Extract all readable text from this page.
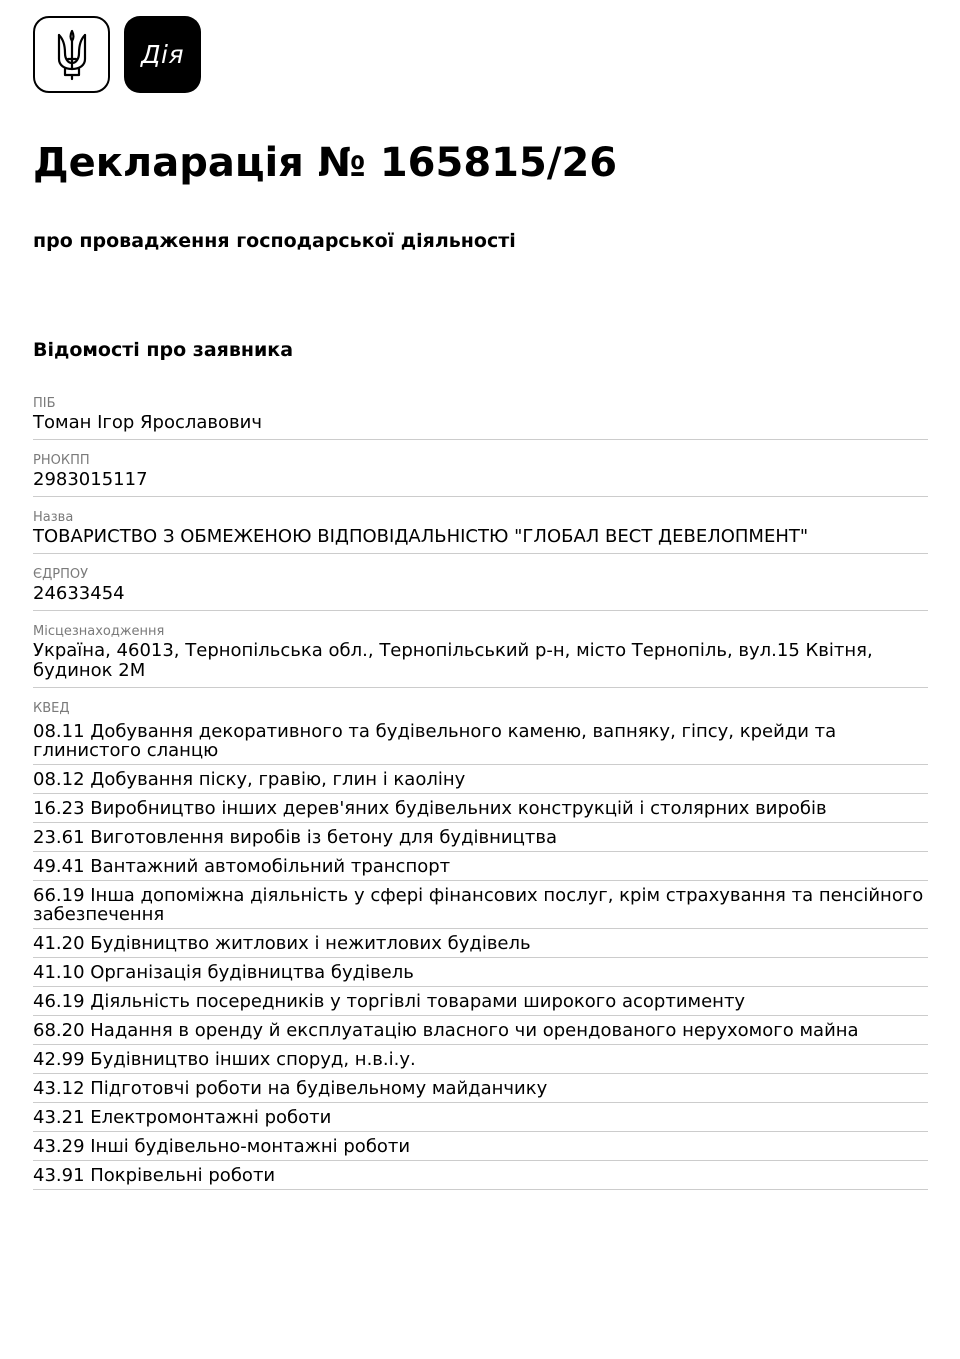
Дія
Декларація № 165815/26
про провадження господарської діяльності
Відомості про заявника
ПІБ
Томан Ігор Ярославович
РНОКПП
2983015117
Назва
ТОВАРИСТВО З ОБМЕЖЕНОЮ ВІДПОВІДАЛЬНІСТЮ "ГЛОБАЛ ВЕСТ ДЕВЕЛОПМЕНТ"
ЄДРПОУ
24633454
Місцезнаходження
Україна, 46013, Тернопільська обл., Тернопільський р-н, місто Тернопіль, вул.15 Квітня, будинок 2М
КВЕД

08.11 Добування декоративного та будівельного каменю, вапняку, гіпсу, крейди та глинистого сланцю

08.12 Добування піску, гравію, глин і каоліну

16.23 Виробництво інших дерев'яних будівельних конструкцій і столярних виробів

23.61 Виготовлення виробів із бетону для будівництва

49.41 Вантажний автомобільний транспорт

66.19 Інша допоміжна діяльність у сфері фінансових послуг, крім страхування та пенсійного забезпечення

41.20 Будівництво житлових і нежитлових будівель

41.10 Організація будівництва будівель

46.19 Діяльність посередників у торгівлі товарами широкого асортименту

68.20 Надання в оренду й експлуатацію власного чи орендованого нерухомого майна

42.99 Будівництво інших споруд, н.в.і.у.

43.12 Підготовчі роботи на будівельному майданчику

43.21 Електромонтажні роботи

43.29 Інші будівельно-монтажні роботи

43.91 Покрівельні роботи
